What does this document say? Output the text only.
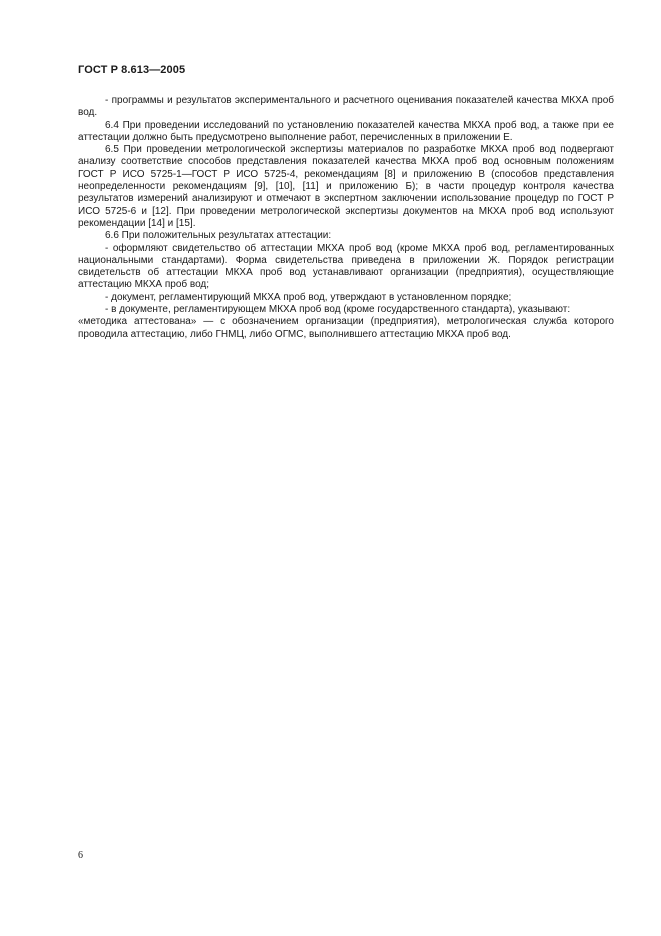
ГОСТ Р 8.613—2005

- программы и результатов экспериментального и расчетного оценивания показателей качества МКХА проб вод.

6.4 При проведении исследований по установлению показателей качества МКХА проб вод, а также при ее аттестации должно быть предусмотрено выполнение работ, перечисленных в приложении Е.

6.5 При проведении метрологической экспертизы материалов по разработке МКХА проб вод подвергают анализу соответствие способов представления показателей качества МКХА проб вод основным положениям ГОСТ Р ИСО 5725-1—ГОСТ Р ИСО 5725-4, рекомендациям [8] и приложению В (способов представления неопределенности рекомендациям [9], [10], [11] и приложению Б); в части процедур контроля качества результатов измерений анализируют и отмечают в экспертном заключении использование процедур по ГОСТ Р ИСО 5725-6 и [12]. При проведении метрологической экспертизы документов на МКХА проб вод используют рекомендации [14] и [15].

6.6 При положительных результатах аттестации:

- оформляют свидетельство об аттестации МКХА проб вод (кроме МКХА проб вод, регламентированных национальными стандартами). Форма свидетельства приведена в приложении Ж. Порядок регистрации свидетельств об аттестации МКХА проб вод устанавливают организации (предприятия), осуществляющие аттестацию МКХА проб вод;

- документ, регламентирующий МКХА проб вод, утверждают в установленном порядке;

- в документе, регламентирующем МКХА проб вод (кроме государственного стандарта), указывают:

«методика аттестована» — с обозначением организации (предприятия), метрологическая служба которого проводила аттестацию, либо ГНМЦ, либо ОГМС, выполнившего аттестацию МКХА проб вод.

6
